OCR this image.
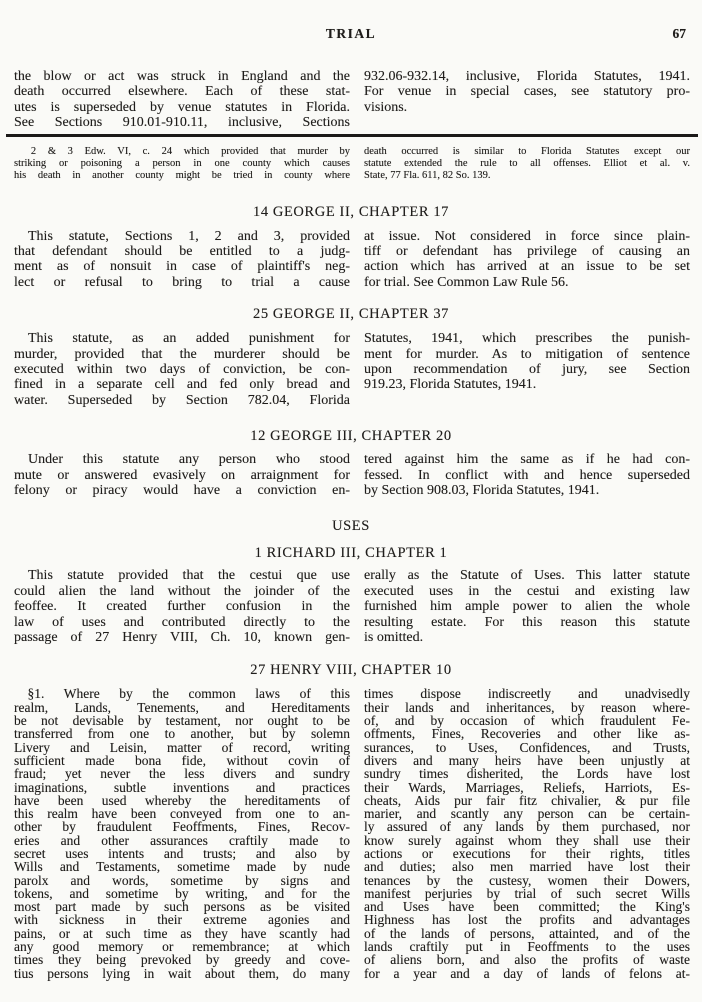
TRIAL	67
the blow or act was struck in England and the
death occurred elsewhere. Each of these stat-
utes is superseded by venue statutes in Florida.
See Sections 910.01-910.11, inclusive, Sections
932.06-932.14, inclusive, Florida Statutes, 1941.
For venue in special cases, see statutory pro-
visions.
  2 & 3 Edw. VI, c. 24 which provided that murder by
striking or poisoning a person in one county which causes
his death in another county might be tried in county where
death occurred is similar to Florida Statutes except our
statute extended the rule to all offenses. Elliot et al. v.
State, 77 Fla. 611, 82 So. 139.
14 GEORGE II, CHAPTER 17
 This statute, Sections 1, 2 and 3, provided
that defendant should be entitled to a judg-
ment as of nonsuit in case of plaintiff's neg-
lect or refusal to bring to trial a cause
at issue. Not considered in force since plain-
tiff or defendant has privilege of causing an
action which has arrived at an issue to be set
for trial. See Common Law Rule 56.
25 GEORGE II, CHAPTER 37
 This statute, as an added punishment for
murder, provided that the murderer should be
executed within two days of conviction, be con-
fined in a separate cell and fed only bread and
water. Superseded by Section 782.04, Florida
Statutes, 1941, which prescribes the punish-
ment for murder. As to mitigation of sentence
upon recommendation of jury, see Section
919.23, Florida Statutes, 1941.
12 GEORGE III, CHAPTER 20
 Under this statute any person who stood
mute or answered evasively on arraignment for
felony or piracy would have a conviction en-
tered against him the same as if he had con-
fessed. In conflict with and hence superseded
by Section 908.03, Florida Statutes, 1941.
USES
1 RICHARD III, CHAPTER 1
 This statute provided that the cestui que use
could alien the land without the joinder of the
feoffee. It created further confusion in the
law of uses and contributed directly to the
passage of 27 Henry VIII, Ch. 10, known gen-
erally as the Statute of Uses. This latter statute
executed uses in the cestui and existing law
furnished him ample power to alien the whole
resulting estate. For this reason this statute
is omitted.
27 HENRY VIII, CHAPTER 10
 §1. Where by the common laws of this
realm, Lands, Tenements, and Hereditaments
be not devisable by testament, nor ought to be
transferred from one to another, but by solemn
Livery and Leisin, matter of record, writing
sufficient made bona fide, without covin of
fraud; yet never the less divers and sundry
imaginations, subtle inventions and practices
have been used whereby the hereditaments of
this realm have been conveyed from one to an-
other by fraudulent Feoffments, Fines, Recov-
eries and other assurances craftily made to
secret uses intents and trusts; and also by
Wills and Testaments, sometime made by nude
parolx and words, sometime by signs and
tokens, and sometime by writing, and for the
most part made by such persons as be visited
with sickness in their extreme agonies and
pains, or at such time as they have scantly had
any good memory or remembrance; at which
times they being prevoked by greedy and cove-
tius persons lying in wait about them, do many
times dispose indiscreetly and unadvisedly
their lands and inheritances, by reason where-
of, and by occasion of which fraudulent Fe-
offments, Fines, Recoveries and other like as-
surances, to Uses, Confidences, and Trusts,
divers and many heirs have been unjustly at
sundry times disherited, the Lords have lost
their Wards, Marriages, Reliefs, Harriots, Es-
cheats, Aids pur fair fitz chivalier, & pur file
marier, and scantly any person can be certain-
ly assured of any lands by them purchased, nor
know surely against whom they shall use their
actions or executions for their rights, titles
and duties; also men married have lost their
tenances by the custesy, women their Dowers,
manifest perjuries by trial of such secret Wills
and Uses have been committed; the King's
Highness has lost the profits and advantages
of the lands of persons, attainted, and of the
lands craftily put in Feoffments to the uses
of aliens born, and also the profits of waste
for a year and a day of lands of felons at-
